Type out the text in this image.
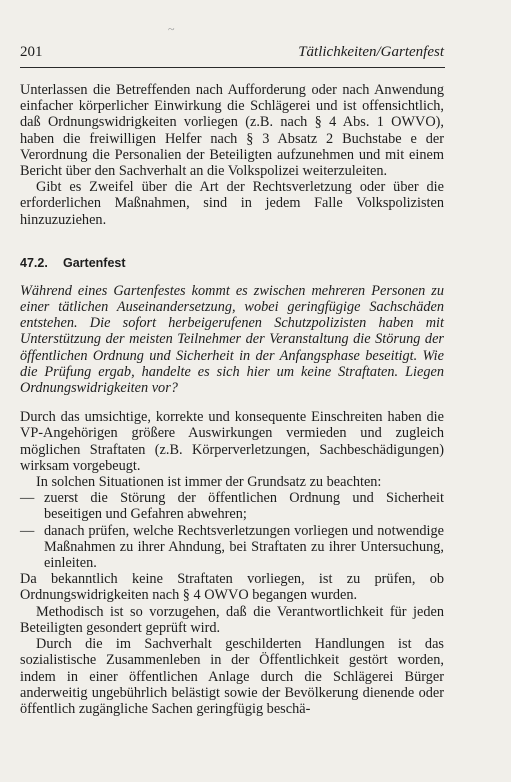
~
201	Tätlichkeiten/Gartenfest

Unterlassen die Betreffenden nach Aufforderung oder nach Anwendung einfacher körperlicher Einwirkung die Schlägerei und ist offensichtlich, daß Ordnungswidrigkeiten vorliegen (z.B. nach § 4 Abs. 1 OWVO), haben die freiwilligen Helfer nach § 3 Absatz 2 Buchstabe e der Verordnung die Personalien der Beteiligten aufzunehmen und mit einem Bericht über den Sachverhalt an die Volkspolizei weiterzuleiten.

Gibt es Zweifel über die Art der Rechtsverletzung oder über die erforderlichen Maßnahmen, sind in jedem Falle Volkspolizisten hinzuzuziehen.

47.2.	Gartenfest

Während eines Gartenfestes kommt es zwischen mehreren Personen zu einer tätlichen Auseinandersetzung, wobei geringfügige Sachschäden entstehen. Die sofort herbeigerufenen Schutzpolizisten haben mit Unterstützung der meisten Teilnehmer der Veranstaltung die Störung der öffentlichen Ordnung und Sicherheit in der Anfangsphase beseitigt. Wie die Prüfung ergab, handelte es sich hier um keine Straftaten. Liegen Ordnungswidrigkeiten vor?

Durch das umsichtige, korrekte und konsequente Einschreiten haben die VP-Angehörigen größere Auswirkungen vermieden und zugleich möglichen Straftaten (z.B. Körperverletzungen, Sachbeschädigungen) wirksam vorgebeugt.

In solchen Situationen ist immer der Grundsatz zu beachten:

— zuerst die Störung der öffentlichen Ordnung und Sicherheit beseitigen und Gefahren abwehren;
— danach prüfen, welche Rechtsverletzungen vorliegen und notwendige Maßnahmen zu ihrer Ahndung, bei Straftaten zu ihrer Untersuchung, einleiten.

Da bekanntlich keine Straftaten vorliegen, ist zu prüfen, ob Ordnungswidrigkeiten nach § 4 OWVO begangen wurden.

Methodisch ist so vorzugehen, daß die Verantwortlichkeit für jeden Beteiligten gesondert geprüft wird.

Durch die im Sachverhalt geschilderten Handlungen ist das sozialistische Zusammenleben in der Öffentlichkeit gestört worden, indem in einer öffentlichen Anlage durch die Schlägerei Bürger anderweitig ungebührlich belästigt sowie der Bevölkerung dienende oder öffentlich zugängliche Sachen geringfügig beschä-
